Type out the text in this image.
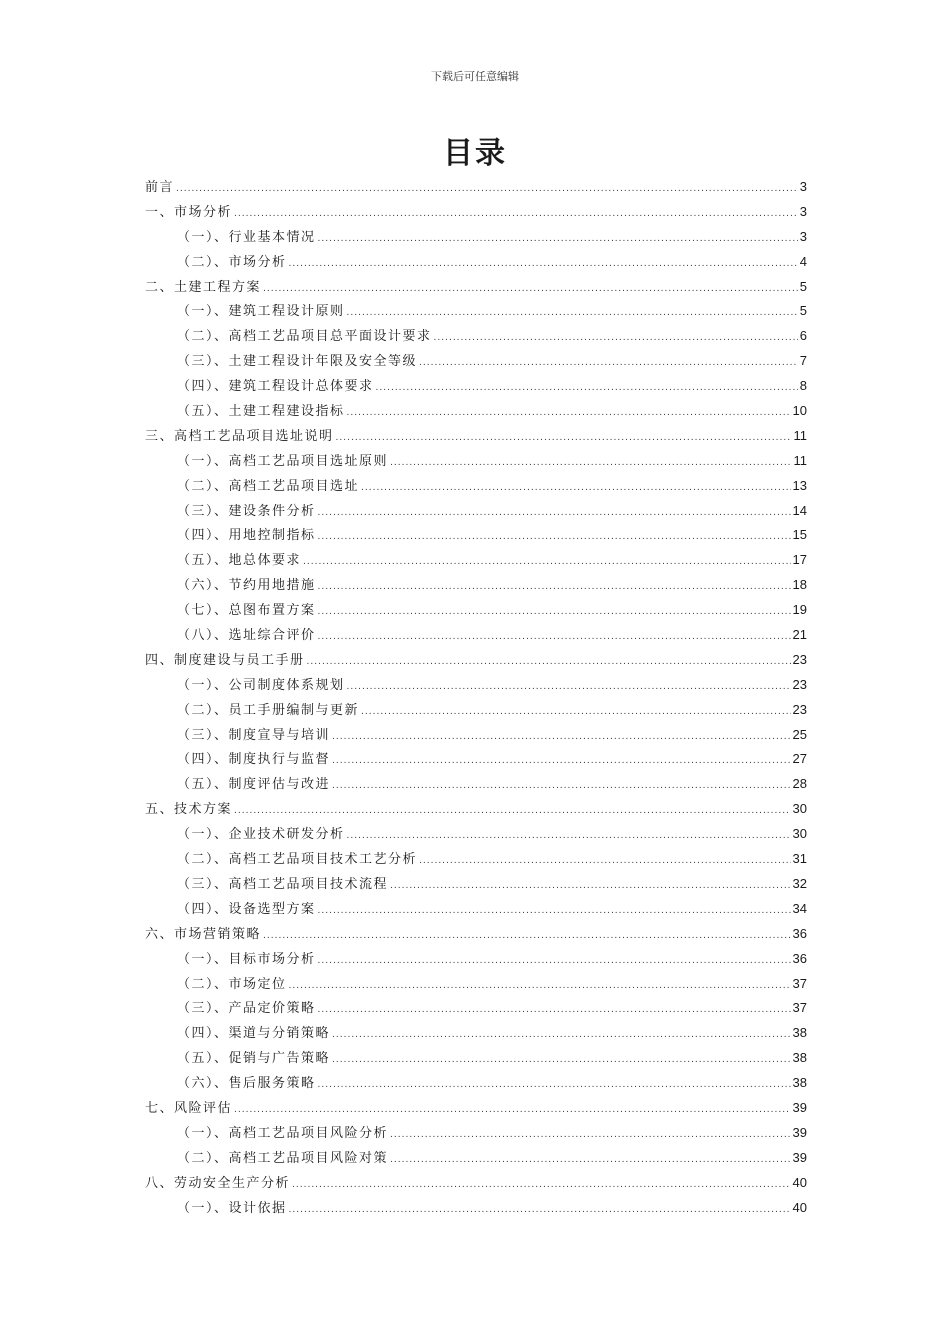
下载后可任意编辑
目录
前言 .....	3
一、市场分析 .....	3
（一）、行业基本情况 .....	3
（二）、市场分析 .....	4
二、土建工程方案 .....	5
（一）、建筑工程设计原则 .....	5
（二）、高档工艺品项目总平面设计要求 .....	6
（三）、土建工程设计年限及安全等级 .....	7
（四）、建筑工程设计总体要求 .....	8
（五）、土建工程建设指标 .....	10
三、高档工艺品项目选址说明 .....	11
（一）、高档工艺品项目选址原则 .....	11
（二）、高档工艺品项目选址 .....	13
（三）、建设条件分析 .....	14
（四）、用地控制指标 .....	15
（五）、地总体要求 .....	17
（六）、节约用地措施 .....	18
（七）、总图布置方案 .....	19
（八）、选址综合评价 .....	21
四、制度建设与员工手册 .....	23
（一）、公司制度体系规划 .....	23
（二）、员工手册编制与更新 .....	23
（三）、制度宣导与培训 .....	25
（四）、制度执行与监督 .....	27
（五）、制度评估与改进 .....	28
五、技术方案 .....	30
（一）、企业技术研发分析 .....	30
（二）、高档工艺品项目技术工艺分析 .....	31
（三）、高档工艺品项目技术流程 .....	32
（四）、设备选型方案 .....	34
六、市场营销策略 .....	36
（一）、目标市场分析 .....	36
（二）、市场定位 .....	37
（三）、产品定价策略 .....	37
（四）、渠道与分销策略 .....	38
（五）、促销与广告策略 .....	38
（六）、售后服务策略 .....	38
七、风险评估 .....	39
（一）、高档工艺品项目风险分析 .....	39
（二）、高档工艺品项目风险对策 .....	39
八、劳动安全生产分析 .....	40
（一）、设计依据 .....	40
